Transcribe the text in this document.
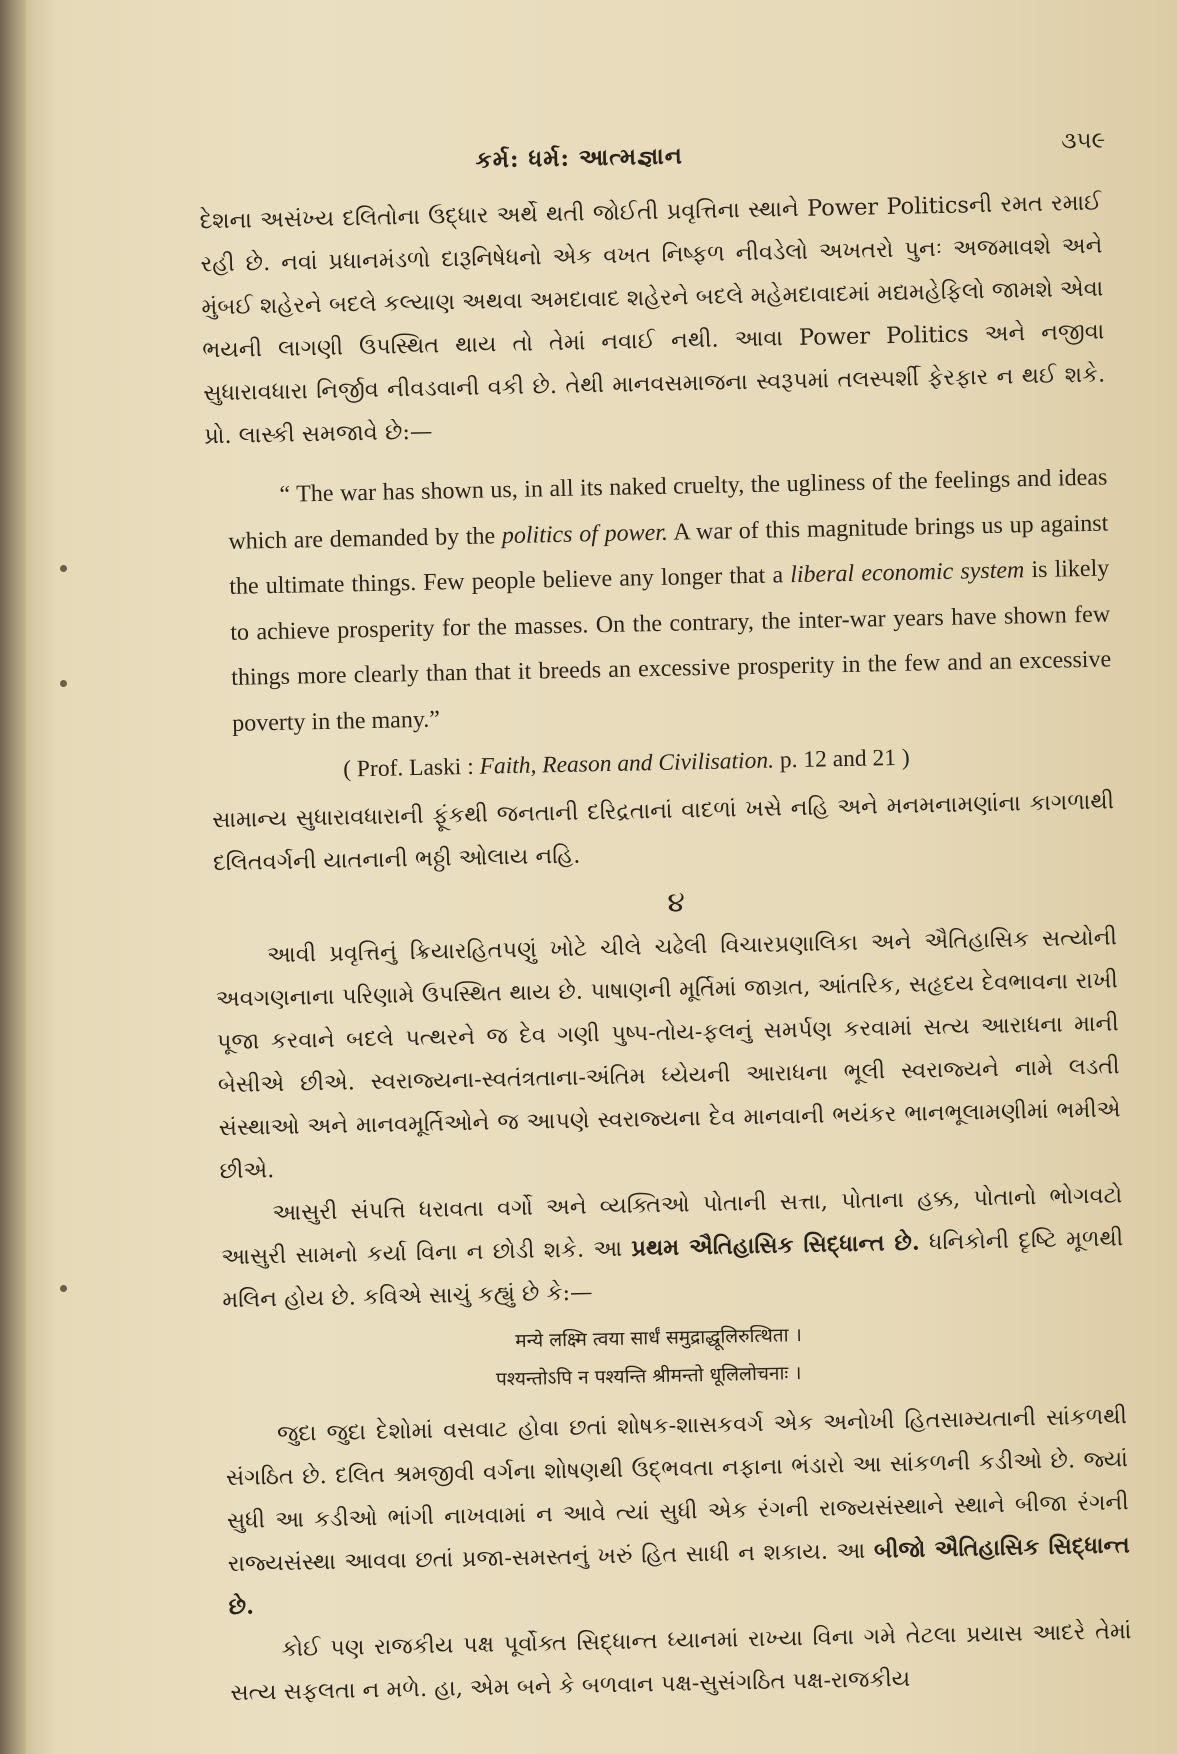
કર્મ: ધર્મ: આત્મજ્ઞાન
૩૫૯

દેશના અસંખ્ય દલિતોના ઉદ્ધાર અર્થે થતી જોઈતી પ્રવૃત્તિના સ્થાને Power Politicsની રમત રમાઈ રહી છે. નવાં પ્રધાનમંડળો દારૂનિષેધનો એક વખત નિષ્ફળ નીવડેલો અખતરો પુનઃ અજમાવશે અને મુંબઈ શહેરને બદલે કલ્યાણ અથવા અમદાવાદ શહેરને બદલે મહેમદાવાદમાં મદ્યમહેફિલો જામશે એવા ભયની લાગણી ઉપસ્થિત થાય તો તેમાં નવાઈ નથી. આવા Power Politics અને નજીવા સુધારાવધારા નિર્જીવ નીવડવાની વકી છે. તેથી માનવસમાજના સ્વરૂપમાં તલસ્પર્શી ફેરફાર ન થઈ શકે. પ્રો. લાસ્કી સમજાવે છે:—

“ The war has shown us, in all its naked cruelty, the ugliness of the feelings and ideas which are demanded by the politics of power. A war of this magnitude brings us up against the ultimate things. Few people believe any longer that a liberal economic system is likely to achieve prosperity for the masses. On the contrary, the inter-war years have shown few things more clearly than that it breeds an excessive prosperity in the few and an excessive poverty in the many.”

( Prof. Laski : Faith, Reason and Civilisation. p. 12 and 21 )

સામાન્ય સુધારાવધારાની ફૂંકથી જનતાની દરિદ્રતાનાં વાદળાં ખસે નહિ અને મનમનામણાંના કાગળાથી દલિતવર્ગની યાતનાની ભઠ્ઠી ઓલાય નહિ.

૪

આવી પ્રવૃત્તિનું ક્રિયારહિતપણું ખોટે ચીલે ચઢેલી વિચારપ્રણાલિકા અને ઐતિહાસિક સત્યોની અવગણનાના પરિણામે ઉપસ્થિત થાય છે. પાષાણની મૂર્તિમાં જાગ્રત, આંતરિક, સહૃદય દેવભાવના રાખી પૂજા કરવાને બદલે પત્થરને જ દેવ ગણી પુષ્પ-તોય-ફલનું સમર્પણ કરવામાં સત્ય આરાધના માની બેસીએ છીએ. સ્વરાજ્યના-સ્વતંત્રતાના-અંતિમ ધ્યેયની આરાધના ભૂલી સ્વરાજ્યને નામે લડતી સંસ્થાઓ અને માનવમૂર્તિઓને જ આપણે સ્વરાજ્યના દેવ માનવાની ભયંકર ભાનભૂલામણીમાં ભમીએ છીએ.

આસુરી સંપત્તિ ધરાવતા વર્ગો અને વ્યક્તિઓ પોતાની સત્તા, પોતાના હક્ક, પોતાનો ભોગવટો આસુરી સામનો કર્યા વિના ન છોડી શકે. આ પ્રથમ ઐતિહાસિક સિદ્ધાન્ત છે. ધનિકોની દૃષ્ટિ મૂળથી મલિન હોય છે. કવિએ સાચું કહ્યું છે કે:—

मन्ये लक्ष्मि त्वया सार्धं समुद्राद्धूलिरुत्थिता ।
पश्यन्तोऽपि न पश्यन्ति श्रीमन्तो धूलिलोचनाः ।

જુદા જુદા દેશોમાં વસવાટ હોવા છતાં શોષક-શાસકવર્ગ એક અનોખી હિતસામ્યતાની સાંકળથી સંગઠિત છે. દલિત શ્રમજીવી વર્ગના શોષણથી ઉદ્ભવતા નફાના ભંડારો આ સાંકળની કડીઓ છે. જ્યાં સુધી આ કડીઓ ભાંગી નાખવામાં ન આવે ત્યાં સુધી એક રંગની રાજ્યસંસ્થાને સ્થાને બીજા રંગની રાજ્યસંસ્થા આવવા છતાં પ્રજા-સમસ્તનું ખરું હિત સાધી ન શકાય. આ બીજો ઐતિહાસિક સિદ્ધાન્ત છે.

કોઈ પણ રાજકીય પક્ષ પૂર્વોક્ત સિદ્ધાન્ત ધ્યાનમાં રાખ્યા વિના ગમે તેટલા પ્રયાસ આદરે તેમાં સત્ય સફલતા ન મળે. હા, એમ બને કે બળવાન પક્ષ-સુસંગઠિત પક્ષ-રાજકીય
